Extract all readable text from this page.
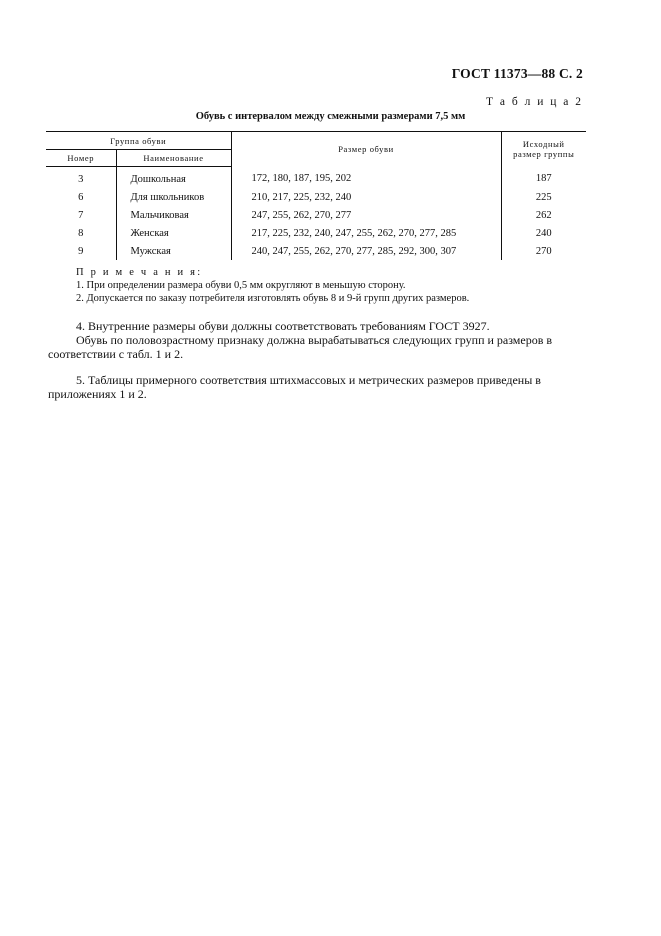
ГОСТ 11373—88 С. 2
Т а б л и ц а 2
Обувь с интервалом между смежными размерами 7,5 мм
Группа обуви		Размер обуви	Исходный
размер группы

Номер	Наименование		
3	Дошкольная	172, 180, 187, 195, 202	187
6	Для школьников	210, 217, 225, 232, 240	225
7	Мальчиковая	247, 255, 262, 270, 277	262
8	Женская	217, 225, 232, 240, 247, 255, 262, 270, 277, 285	240
9	Мужская	240, 247, 255, 262, 270, 277, 285, 292, 300, 307	270
П р и м е ч а н и я:
1. При определении размера обуви 0,5 мм округляют в меньшую сторону.
2. Допускается по заказу потребителя изготовлять обувь 8 и 9-й групп других размеров.
4. Внутренние размеры обуви должны соответствовать требованиям ГОСТ 3927.
Обувь по половозрастному признаку должна вырабатываться следующих групп и размеров в
соответствии с табл. 1 и 2.
5. Таблицы примерного соответствия штихмассовых и метрических размеров приведены в
приложениях 1 и 2.
